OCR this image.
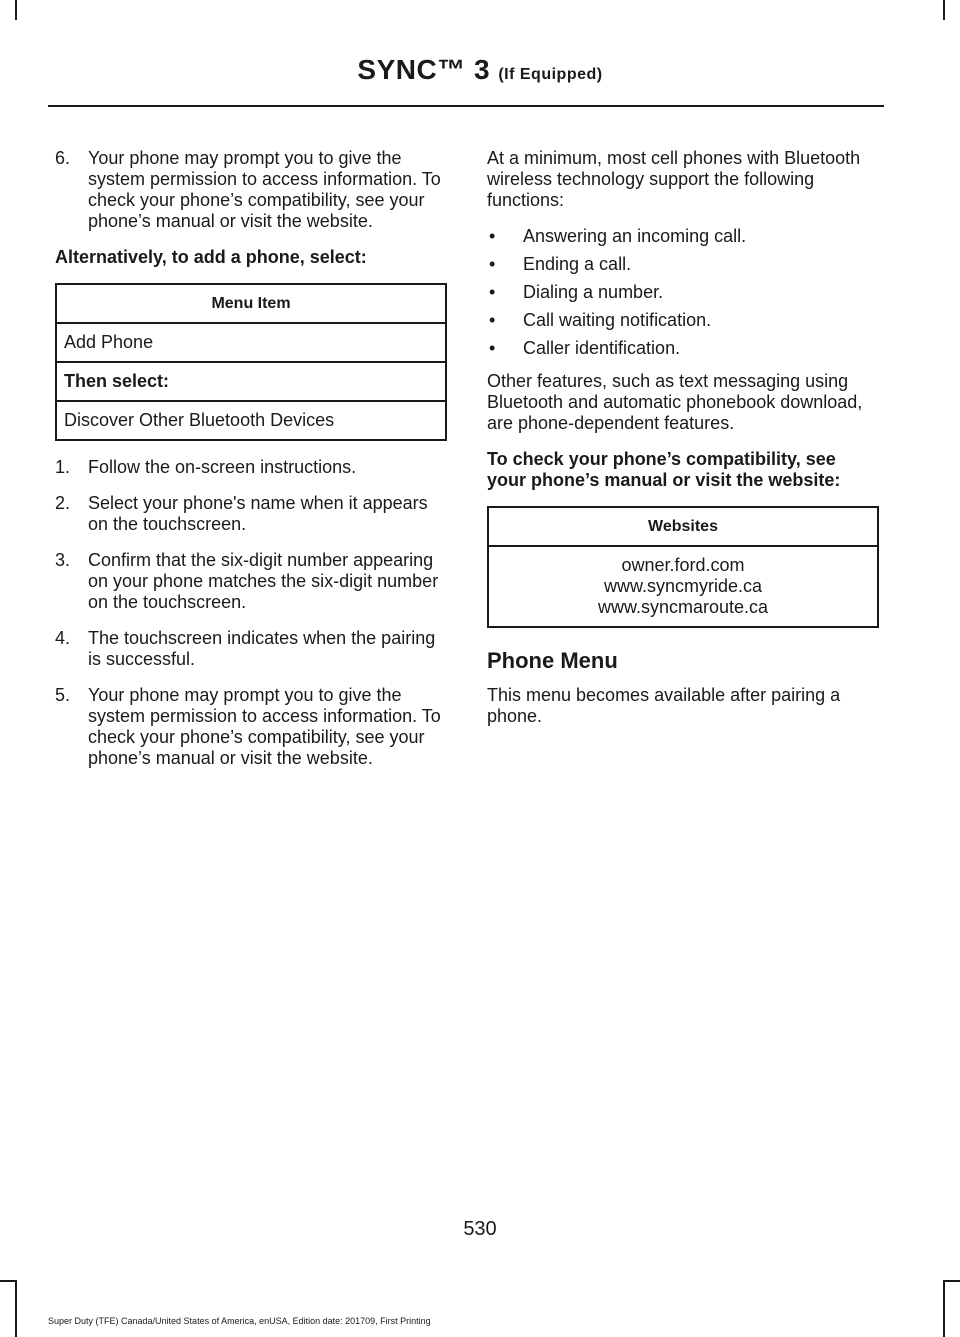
SYNC™ 3 (If Equipped)
6. Your phone may prompt you to give the system permission to access information. To check your phone’s compatibility, see your phone’s manual or visit the website.
Alternatively, to add a phone, select:
Menu Item
Add Phone
Then select:
Discover Other Bluetooth Devices
1. Follow the on-screen instructions.
2. Select your phone's name when it appears on the touchscreen.
3. Confirm that the six-digit number appearing on your phone matches the six-digit number on the touchscreen.
4. The touchscreen indicates when the pairing is successful.
5. Your phone may prompt you to give the system permission to access information. To check your phone’s compatibility, see your phone’s manual or visit the website.

At a minimum, most cell phones with Bluetooth wireless technology support the following functions:

•	Answering an incoming call.
•	Ending a call.
•	Dialing a number.
•	Call waiting notification.
•	Caller identification.

Other features, such as text messaging using Bluetooth and automatic phonebook download, are phone-dependent features.

To check your phone’s compatibility, see your phone’s manual or visit the website:
Websites

owner.ford.com
www.syncmyride.ca
www.syncmaroute.ca
Phone Menu

This menu becomes available after pairing a phone.

530
Super Duty (TFE) Canada/United States of America, enUSA, Edition date: 201709, First Printing
